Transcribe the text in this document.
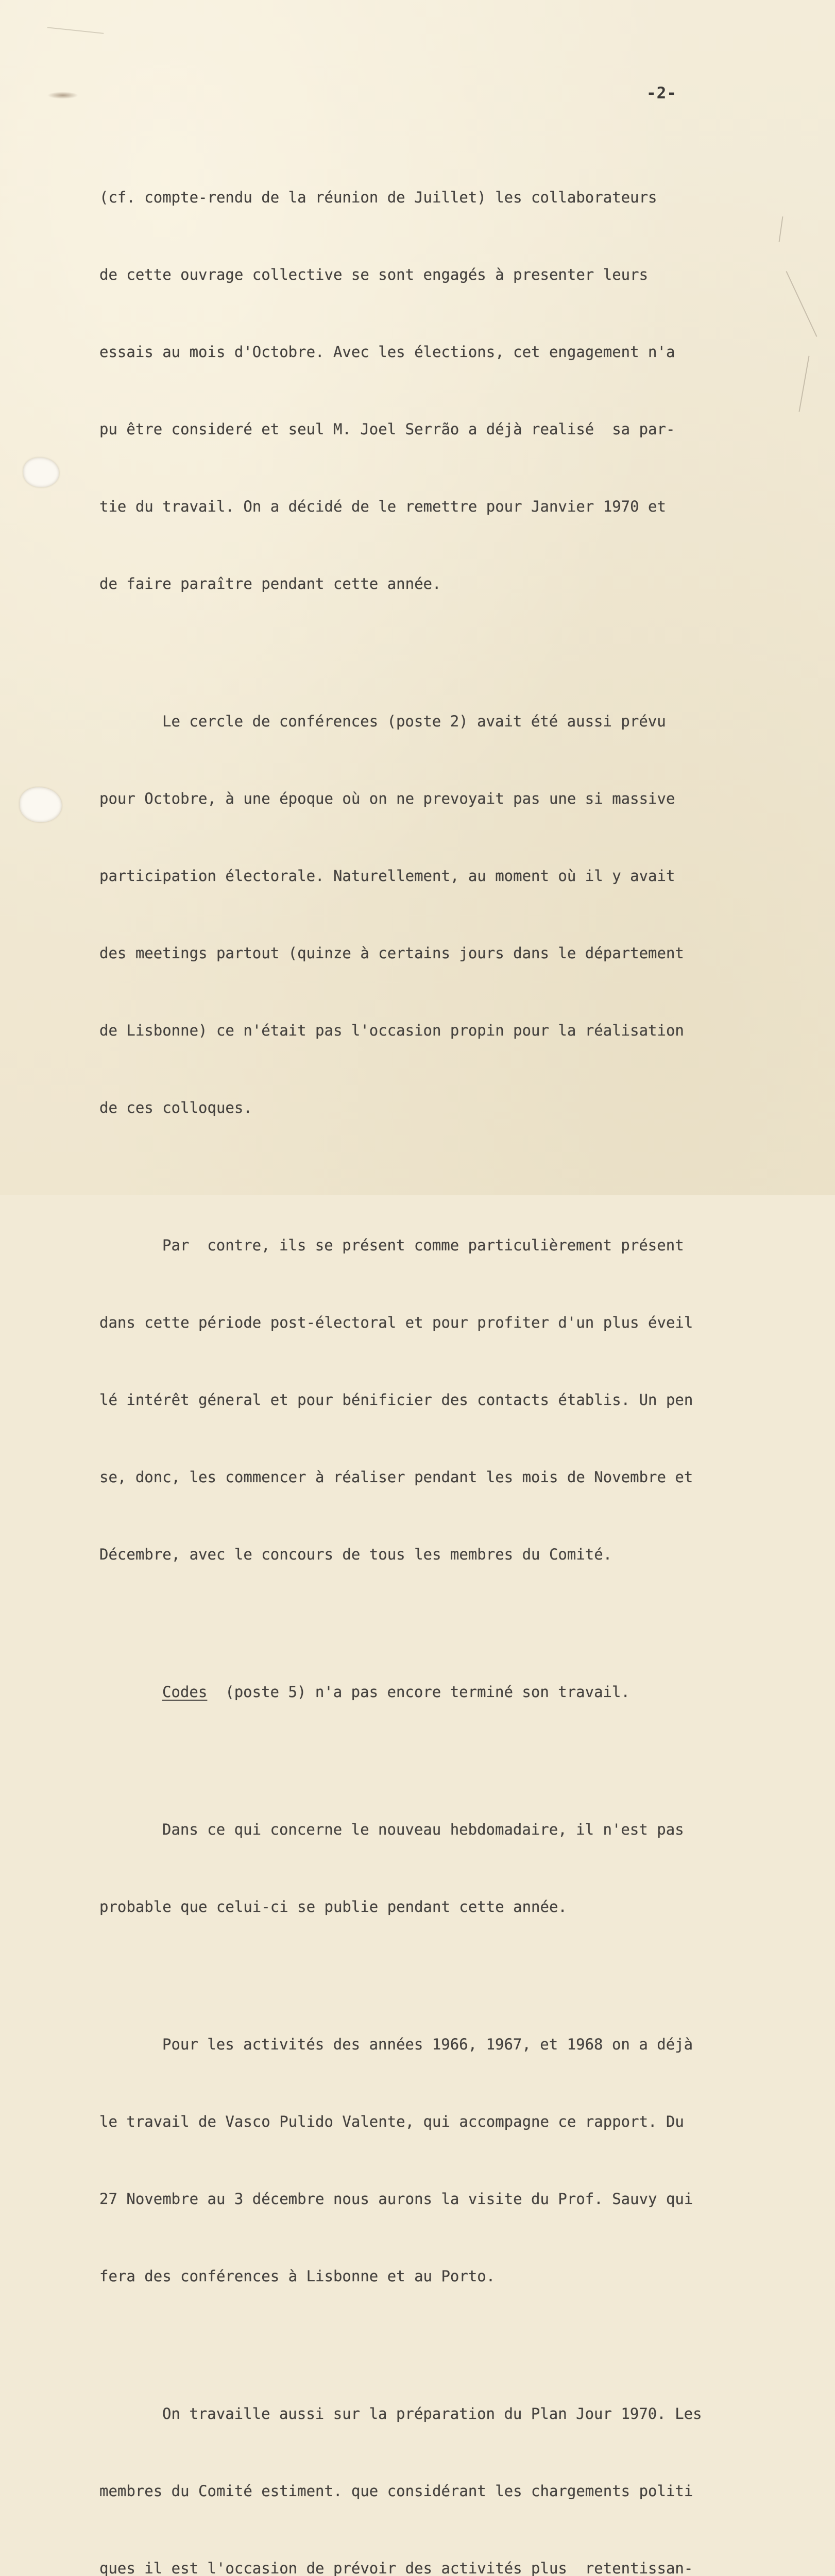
-2-

(cf. compte-rendu de la réunion de Juillet) les collaborateurs

de cette ouvrage collective se sont engagés à presenter leurs

essais au mois d'Octobre. Avec les élections, cet engagement n'a

pu être consideré et seul M. Joel Serrão a déjà realisé  sa par-

tie du travail. On a décidé de le remettre pour Janvier 1970 et

de faire paraître pendant cette année.

Le cercle de conférences (poste 2) avait été aussi prévu

pour Octobre, à une époque où on ne prevoyait pas une si massive

participation électorale. Naturellement, au moment où il y avait

des meetings partout (quinze à certains jours dans le département

de Lisbonne) ce n'était pas l'occasion propin pour la réalisation

de ces colloques.

Par  contre, ils se présent comme particulièrement présent

dans cette période post-électoral et pour profiter d'un plus éveil

lé intérêt géneral et pour bénificier des contacts établis. Un pen

se, donc, les commencer à réaliser pendant les mois de Novembre et

Décembre, avec le concours de tous les membres du Comité.

Codes  (poste 5) n'a pas encore terminé son travail.

Dans ce qui concerne le nouveau hebdomadaire, il n'est pas

probable que celui-ci se publie pendant cette année.

Pour les activités des années 1966, 1967, et 1968 on a déjà

le travail de Vasco Pulido Valente, qui accompagne ce rapport. Du

27 Novembre au 3 décembre nous aurons la visite du Prof. Sauvy qui

fera des conférences à Lisbonne et au Porto.

On travaille aussi sur la préparation du Plan Jour 1970. Les

membres du Comité estiment. que considérant les chargements politi

ques il est l'occasion de prévoir des activités plus  retentissan-
